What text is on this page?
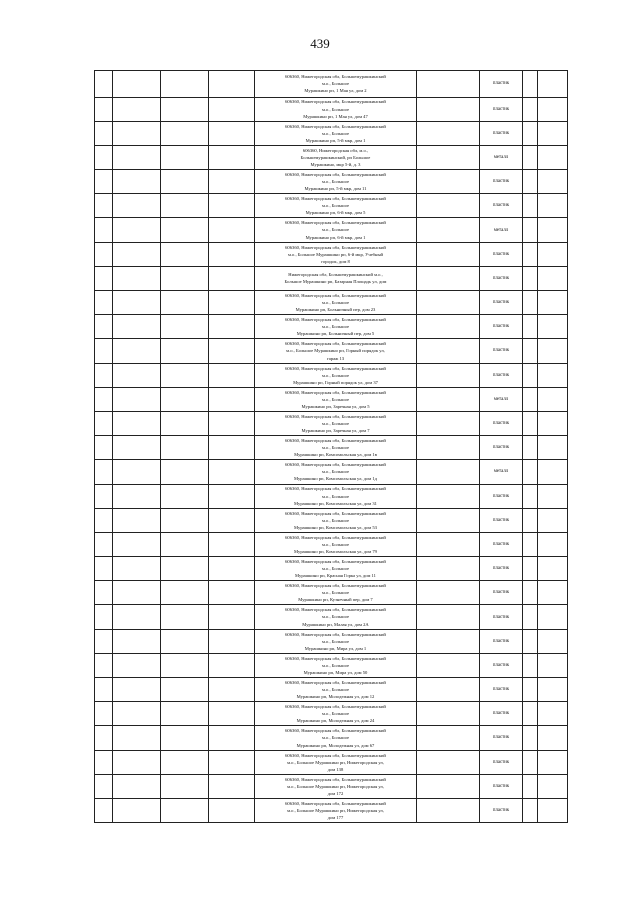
439

				606360, Нижегородская обл, Большемурашкинский
м.о., Большое
Мурашкино рп, 1 Мая ул, дом 2		пластик		

				606360, Нижегородская обл, Большемурашкинский
м.о., Большое
Мурашкино рп, 1 Мая ул, дом 47		пластик		

				606360, Нижегородская обл, Большемурашкинский
м.о., Большое
Мурашкино рп, 5-й мкр, дом 1		пластик		

				606360, Нижегородская обл, м.о.,
Большемурашкинский, рп Большое
Мурашкино, мкр 5-й, д. 3		металл		

				606360, Нижегородская обл, Большемурашкинский
м.о., Большое
Мурашкино рп, 5-й мкр, дом 11		пластик		

				606360, Нижегородская обл, Большемурашкинский
м.о., Большое
Мурашкино рп, 6-й мкр, дом 5		пластик		

				606360, Нижегородская обл, Большемурашкинский
м.о., Большое
Мурашкино рп, 6-й мкр, дом 1		металл		

				606360, Нижегородская обл, Большемурашкинский
м.о., Большое Мурашкино рп, 6-й мкр, Учебный
городок, дом 8		пластик		

				Нижегородская обл, Большемурашкинский м.о.,
Большое Мурашкино рп, Базарная Площадь ул, дом		пластик		

				606360, Нижегородская обл, Большемурашкинский
м.о., Большое
Мурашкино рп, Больничный пер, дом 23		пластик		

				606360, Нижегородская обл, Большемурашкинский
м.о., Большое
Мурашкино рп, Больничный пер, дом 5		пластик		

				606360, Нижегородская обл, Большемурашкинский
м.о., Большое Мурашкино рп, Горный порядок ул,
гараж 13		пластик		

				606360, Нижегородская обл, Большемурашкинский
м.о., Большое
Мурашкино рп, Горный порядок ул, дом 37		пластик		

				606360, Нижегородская обл, Большемурашкинский
м.о., Большое
Мурашкино рп, Заречная ул, дом 5		металл		

				606360, Нижегородская обл, Большемурашкинский
м.о., Большое
Мурашкино рп, Заречная ул, дом 7		пластик		

				606360, Нижегородская обл, Большемурашкинский
м.о., Большое
Мурашкино рп, Комсомольская ул, дом 1в		пластик		

				606360, Нижегородская обл, Большемурашкинский
м.о., Большое
Мурашкино рп, Комсомольская ул, дом 1д		металл		

				606360, Нижегородская обл, Большемурашкинский
м.о., Большое
Мурашкино рп, Комсомольская ул, дом 31		пластик		

				606360, Нижегородская обл, Большемурашкинский
м.о., Большое
Мурашкино рп, Комсомольская ул, дом 53		пластик		

				606360, Нижегородская обл, Большемурашкинский
м.о., Большое
Мурашкино рп, Комсомольская ул, дом 79		пластик		

				606360, Нижегородская обл, Большемурашкинский
м.о., Большое
Мурашкино рп, Красная Горка ул, дом 11		пластик		

				606360, Нижегородская обл, Большемурашкинский
м.о., Большое
Мурашкино рп, Кузнечный пер, дом 7		пластик		

				606360, Нижегородская обл, Большемурашкинский
м.о., Большое
Мурашкино рп, Малая ул, дом 2А		пластик		

				606360, Нижегородская обл, Большемурашкинский
м.о., Большое
Мурашкино рп, Мира ул, дом 1		пластик		

				606360, Нижегородская обл, Большемурашкинский
м.о., Большое
Мурашкино рп, Мира ул, дом 50		пластик		

				606360, Нижегородская обл, Большемурашкинский
м.о., Большое
Мурашкино рп, Молодежная ул, дом 12		пластик		

				606360, Нижегородская обл, Большемурашкинский
м.о., Большое
Мурашкино рп, Молодежная ул, дом 24		пластик		

				606360, Нижегородская обл, Большемурашкинский
м.о., Большое
Мурашкино рп, Молодежная ул, дом 67		пластик		

				606360, Нижегородская обл, Большемурашкинский
м.о., Большое Мурашкино рп, Нижегородская ул,
дом 138		пластик		

				606360, Нижегородская обл, Большемурашкинский
м.о., Большое Мурашкино рп, Нижегородская ул,
дом 172		пластик		

				606360, Нижегородская обл, Большемурашкинский
м.о., Большое Мурашкино рп, Нижегородская ул,
дом 177		пластик		
